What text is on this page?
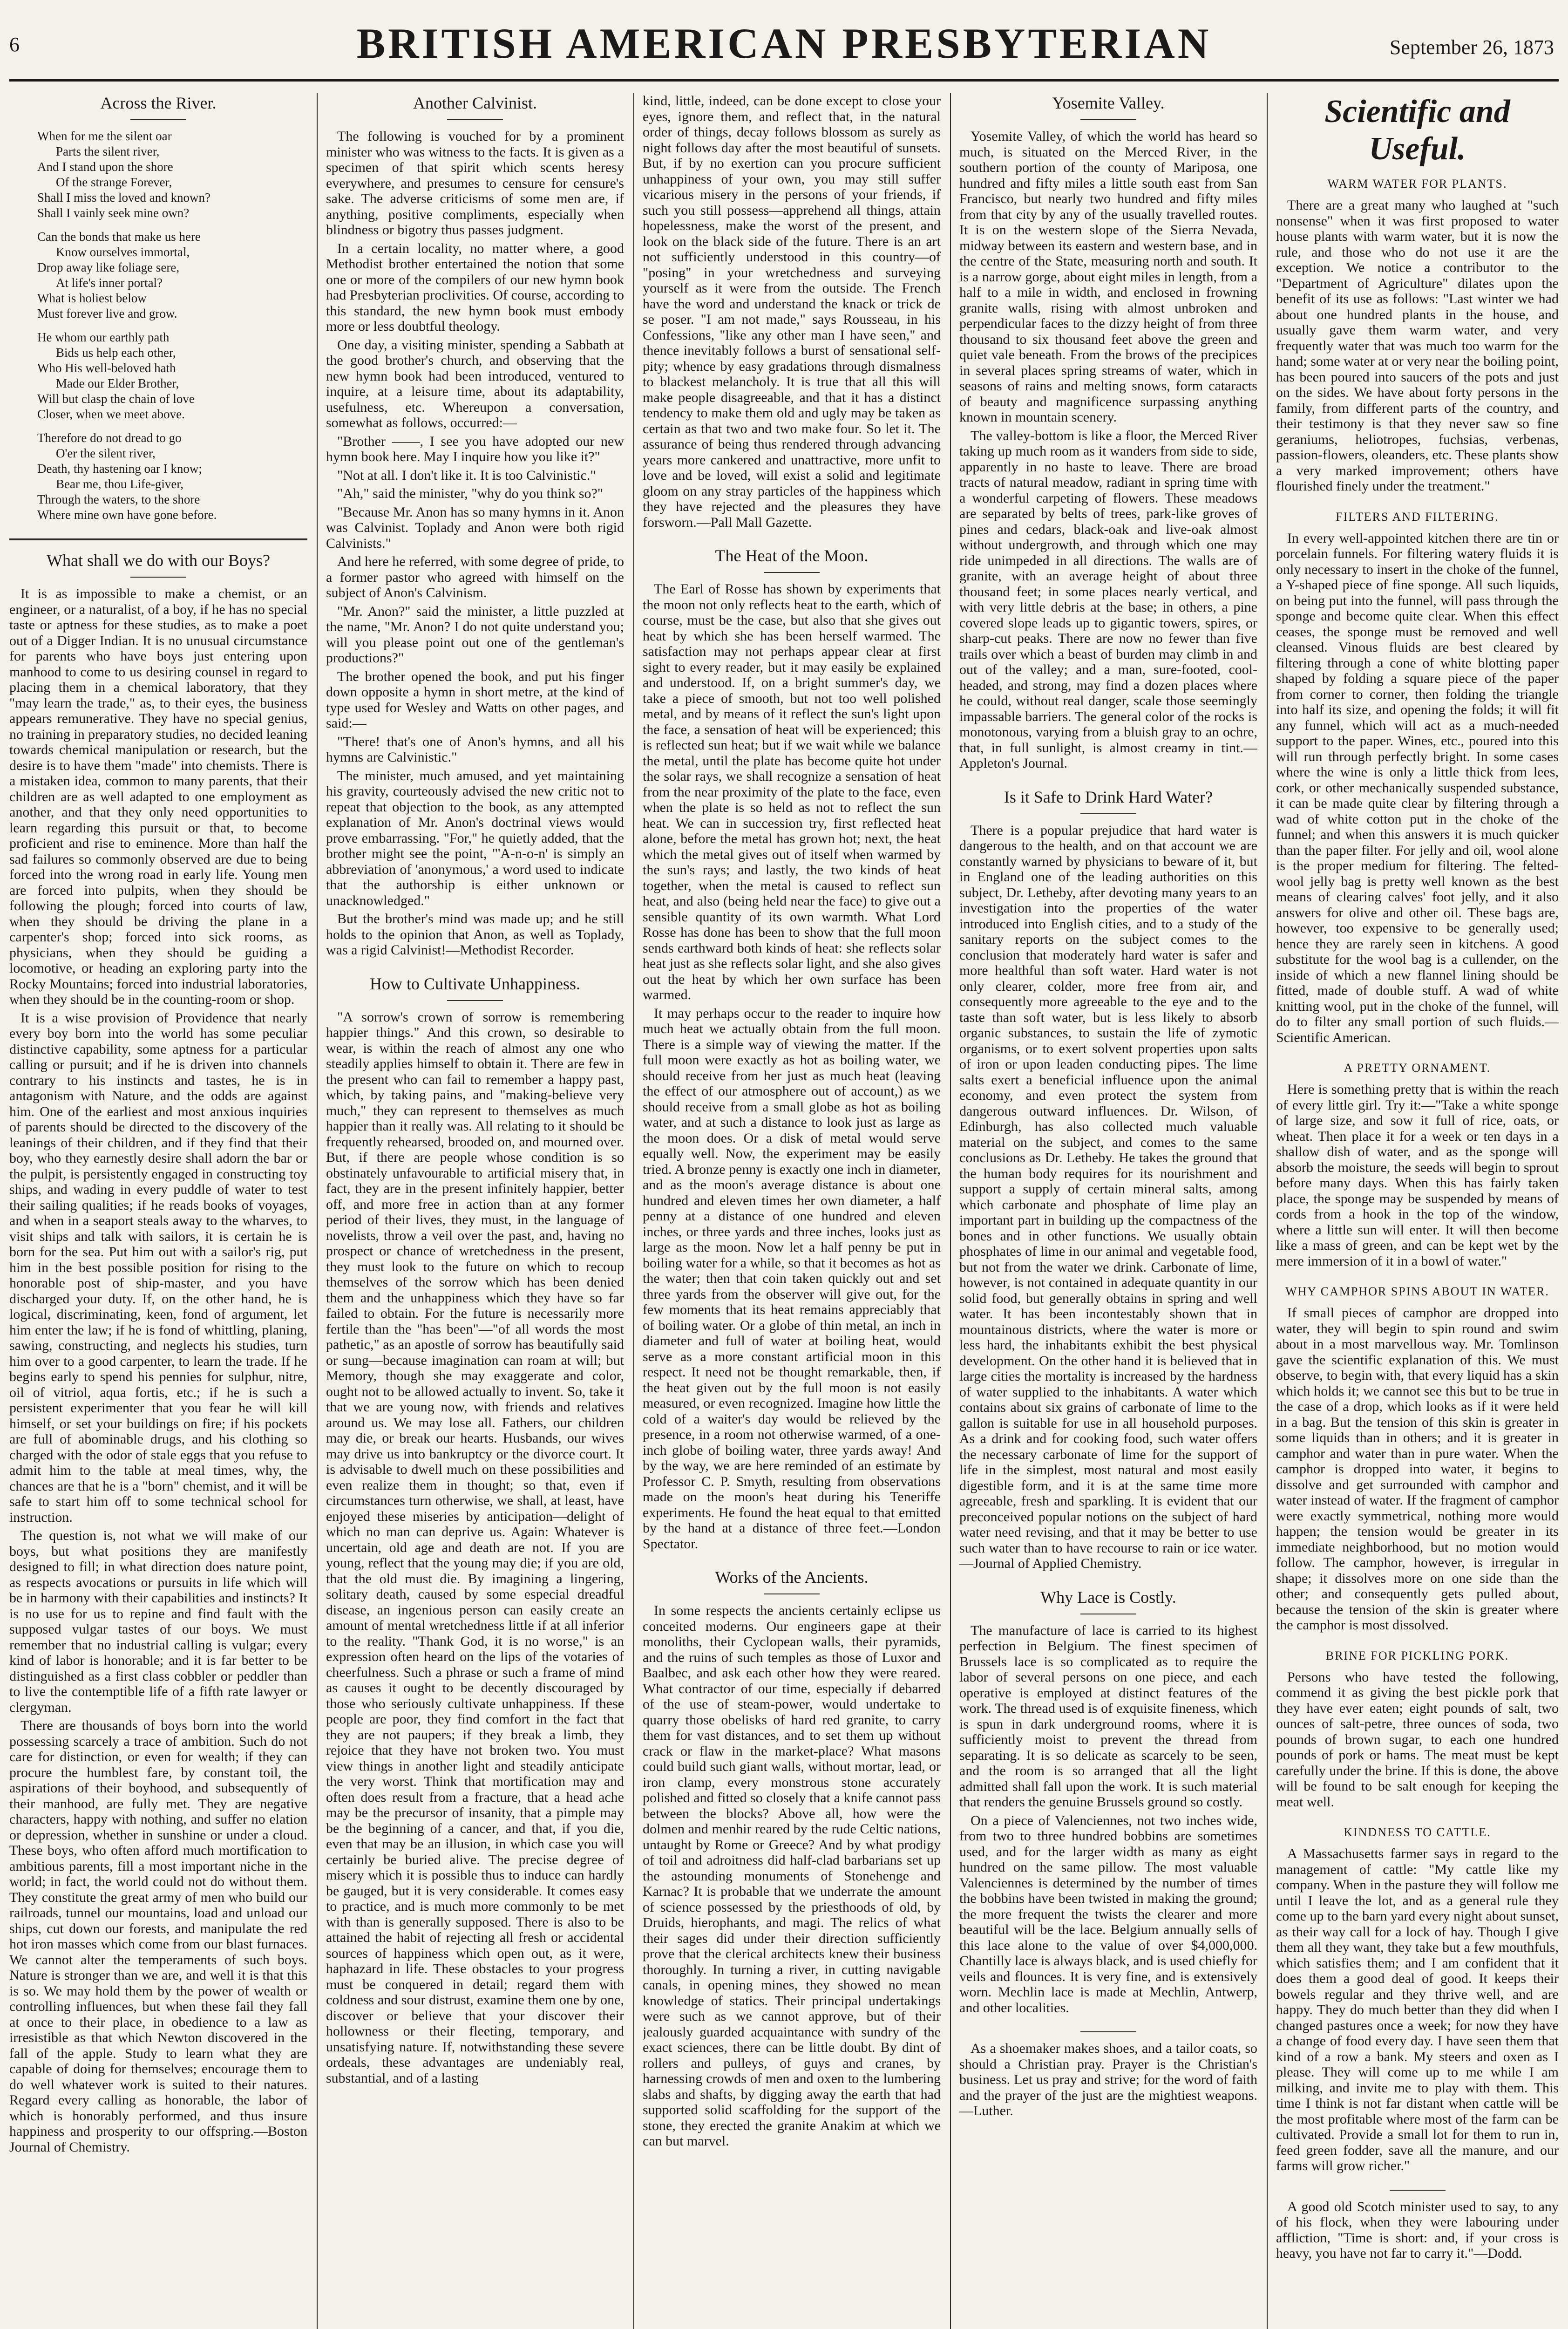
6	BRITISH AMERICAN PRESBYTERIAN	September 26, 1873
Across the River.
When for me the silent oar
Parts the silent river,
And I stand upon the shore
Of the strange Forever,
Shall I miss the loved and known?
Shall I vainly seek mine own?
Can the bonds that make us here
Know ourselves immortal,
Drop away like foliage sere,
At life's inner portal?
What is holiest below
Must forever live and grow.
He whom our earthly path
Bids us help each other,
Who His well-beloved hath
Made our Elder Brother,
Will but clasp the chain of love
Closer, when we meet above.
Therefore do not dread to go
O'er the silent river,
Death, thy hastening oar I know;
Bear me, thou Life-giver,
Through the waters, to the shore
Where mine own have gone before.
What shall we do with our Boys?

It is as impossible to make a chemist, or an engineer, or a naturalist, of a boy, if he has no special taste or aptness for these studies, as to make a poet out of a Digger Indian. It is no unusual circumstance for parents who have boys just entering upon manhood to come to us desiring counsel in regard to placing them in a chemical laboratory, that they "may learn the trade," as, to their eyes, the business appears remunerative. They have no special genius, no training in preparatory studies, no decided leaning towards chemical manipulation or research, but the desire is to have them "made" into chemists. There is a mistaken idea, common to many parents, that their children are as well adapted to one employment as another, and that they only need opportunities to learn regarding this pursuit or that, to become proficient and rise to eminence. More than half the sad failures so commonly observed are due to being forced into the wrong road in early life. Young men are forced into pulpits, when they should be following the plough; forced into courts of law, when they should be driving the plane in a carpenter's shop; forced into sick rooms, as physicians, when they should be guiding a locomotive, or heading an exploring party into the Rocky Mountains; forced into industrial laboratories, when they should be in the counting-room or shop.

It is a wise provision of Providence that nearly every boy born into the world has some peculiar distinctive capability, some aptness for a particular calling or pursuit; and if he is driven into channels contrary to his instincts and tastes, he is in antagonism with Nature, and the odds are against him. One of the earliest and most anxious inquiries of parents should be directed to the discovery of the leanings of their children, and if they find that their boy, who they earnestly desire shall adorn the bar or the pulpit, is persistently engaged in constructing toy ships, and wading in every puddle of water to test their sailing qualities; if he reads books of voyages, and when in a seaport steals away to the wharves, to visit ships and talk with sailors, it is certain he is born for the sea. Put him out with a sailor's rig, put him in the best possible position for rising to the honorable post of ship-master, and you have discharged your duty. If, on the other hand, he is logical, discriminating, keen, fond of argument, let him enter the law; if he is fond of whittling, planing, sawing, constructing, and neglects his studies, turn him over to a good carpenter, to learn the trade. If he begins early to spend his pennies for sulphur, nitre, oil of vitriol, aqua fortis, etc.; if he is such a persistent experimenter that you fear he will kill himself, or set your buildings on fire; if his pockets are full of abominable drugs, and his clothing so charged with the odor of stale eggs that you refuse to admit him to the table at meal times, why, the chances are that he is a "born" chemist, and it will be safe to start him off to some technical school for instruction.

The question is, not what we will make of our boys, but what positions they are manifestly designed to fill; in what direction does nature point, as respects avocations or pursuits in life which will be in harmony with their capabilities and instincts? It is no use for us to repine and find fault with the supposed vulgar tastes of our boys. We must remember that no industrial calling is vulgar; every kind of labor is honorable; and it is far better to be distinguished as a first class cobbler or peddler than to live the contemptible life of a fifth rate lawyer or clergyman.

There are thousands of boys born into the world possessing scarcely a trace of ambition. Such do not care for distinction, or even for wealth; if they can procure the humblest fare, by constant toil, the aspirations of their boyhood, and subsequently of their manhood, are fully met. They are negative characters, happy with nothing, and suffer no elation or depression, whether in sunshine or under a cloud. These boys, who often afford much mortification to ambitious parents, fill a most important niche in the world; in fact, the world could not do without them. They constitute the great army of men who build our railroads, tunnel our mountains, load and unload our ships, cut down our forests, and manipulate the red hot iron masses which come from our blast furnaces. We cannot alter the temperaments of such boys. Nature is stronger than we are, and well it is that this is so. We may hold them by the power of wealth or controlling influences, but when these fail they fall at once to their place, in obedience to a law as irresistible as that which Newton discovered in the fall of the apple. Study to learn what they are capable of doing for themselves; encourage them to do well whatever work is suited to their natures. Regard every calling as honorable, the labor of which is honorably performed, and thus insure happiness and prosperity to our offspring.—Boston Journal of Chemistry.

Another Calvinist.

The following is vouched for by a prominent minister who was witness to the facts. It is given as a specimen of that spirit which scents heresy everywhere, and presumes to censure for censure's sake. The adverse criticisms of some men are, if anything, positive compliments, especially when blindness or bigotry thus passes judgment.

In a certain locality, no matter where, a good Methodist brother entertained the notion that some one or more of the compilers of our new hymn book had Presbyterian proclivities. Of course, according to this standard, the new hymn book must embody more or less doubtful theology.

One day, a visiting minister, spending a Sabbath at the good brother's church, and observing that the new hymn book had been introduced, ventured to inquire, at a leisure time, about its adaptability, usefulness, etc. Whereupon a conversation, somewhat as follows, occurred:—

"Brother ——, I see you have adopted our new hymn book here. May I inquire how you like it?"

"Not at all. I don't like it. It is too Calvinistic."

"Ah," said the minister, "why do you think so?"

"Because Mr. Anon has so many hymns in it. Anon was Calvinist. Toplady and Anon were both rigid Calvinists."

And here he referred, with some degree of pride, to a former pastor who agreed with himself on the subject of Anon's Calvinism.

"Mr. Anon?" said the minister, a little puzzled at the name, "Mr. Anon? I do not quite understand you; will you please point out one of the gentleman's productions?"

The brother opened the book, and put his finger down opposite a hymn in short metre, at the kind of type used for Wesley and Watts on other pages, and said:—

"There! that's one of Anon's hymns, and all his hymns are Calvinistic."

The minister, much amused, and yet maintaining his gravity, courteously advised the new critic not to repeat that objection to the book, as any attempted explanation of Mr. Anon's doctrinal views would prove embarrassing. "For," he quietly added, that the brother might see the point, "'A-n-o-n' is simply an abbreviation of 'anonymous,' a word used to indicate that the authorship is either unknown or unacknowledged."

But the brother's mind was made up; and he still holds to the opinion that Anon, as well as Toplady, was a rigid Calvinist!—Methodist Recorder.

How to Cultivate Unhappiness.

"A sorrow's crown of sorrow is remembering happier things." And this crown, so desirable to wear, is within the reach of almost any one who steadily applies himself to obtain it. There are few in the present who can fail to remember a happy past, which, by taking pains, and "making-believe very much," they can represent to themselves as much happier than it really was. All relating to it should be frequently rehearsed, brooded on, and mourned over. But, if there are people whose condition is so obstinately unfavourable to artificial misery that, in fact, they are in the present infinitely happier, better off, and more free in action than at any former period of their lives, they must, in the language of novelists, throw a veil over the past, and, having no prospect or chance of wretchedness in the present, they must look to the future on which to recoup themselves of the sorrow which has been denied them and the unhappiness which they have so far failed to obtain. For the future is necessarily more fertile than the "has been"—"of all words the most pathetic," as an apostle of sorrow has beautifully said or sung—because imagination can roam at will; but Memory, though she may exaggerate and color, ought not to be allowed actually to invent. So, take it that we are young now, with friends and relatives around us. We may lose all. Fathers, our children may die, or break our hearts. Husbands, our wives may drive us into bankruptcy or the divorce court. It is advisable to dwell much on these possibilities and even realize them in thought; so that, even if circumstances turn otherwise, we shall, at least, have enjoyed these miseries by anticipation—delight of which no man can deprive us. Again: Whatever is uncertain, old age and death are not. If you are young, reflect that the young may die; if you are old, that the old must die. By imagining a lingering, solitary death, caused by some especial dreadful disease, an ingenious person can easily create an amount of mental wretchedness little if at all inferior to the reality. "Thank God, it is no worse," is an expression often heard on the lips of the votaries of cheerfulness. Such a phrase or such a frame of mind as causes it ought to be decently discouraged by those who seriously cultivate unhappiness. If these people are poor, they find comfort in the fact that they are not paupers; if they break a limb, they rejoice that they have not broken two. You must view things in another light and steadily anticipate the very worst. Think that mortification may and often does result from a fracture, that a head ache may be the precursor of insanity, that a pimple may be the beginning of a cancer, and that, if you die, even that may be an illusion, in which case you will certainly be buried alive. The precise degree of misery which it is possible thus to induce can hardly be gauged, but it is very considerable. It comes easy to practice, and is much more commonly to be met with than is generally supposed. There is also to be attained the habit of rejecting all fresh or accidental sources of happiness which open out, as it were, haphazard in life. These obstacles to your progress must be conquered in detail; regard them with coldness and sour distrust, examine them one by one, discover or believe that your discover their hollowness or their fleeting, temporary, and unsatisfying nature. If, notwithstanding these severe ordeals, these advantages are undeniably real, substantial, and of a lasting

kind, little, indeed, can be done except to close your eyes, ignore them, and reflect that, in the natural order of things, decay follows blossom as surely as night follows day after the most beautiful of sunsets. But, if by no exertion can you procure sufficient unhappiness of your own, you may still suffer vicarious misery in the persons of your friends, if such you still possess—apprehend all things, attain hopelessness, make the worst of the present, and look on the black side of the future. There is an art not sufficiently understood in this country—of "posing" in your wretchedness and surveying yourself as it were from the outside. The French have the word and understand the knack or trick de se poser. "I am not made," says Rousseau, in his Confessions, "like any other man I have seen," and thence inevitably follows a burst of sensational self-pity; whence by easy gradations through dismalness to blackest melancholy. It is true that all this will make people disagreeable, and that it has a distinct tendency to make them old and ugly may be taken as certain as that two and two make four. So let it. The assurance of being thus rendered through advancing years more cankered and unattractive, more unfit to love and be loved, will exist a solid and legitimate gloom on any stray particles of the happiness which they have rejected and the pleasures they have forsworn.—Pall Mall Gazette.

The Heat of the Moon.

The Earl of Rosse has shown by experiments that the moon not only reflects heat to the earth, which of course, must be the case, but also that she gives out heat by which she has been herself warmed. The satisfaction may not perhaps appear clear at first sight to every reader, but it may easily be explained and understood. If, on a bright summer's day, we take a piece of smooth, but not too well polished metal, and by means of it reflect the sun's light upon the face, a sensation of heat will be experienced; this is reflected sun heat; but if we wait while we balance the metal, until the plate has become quite hot under the solar rays, we shall recognize a sensation of heat from the near proximity of the plate to the face, even when the plate is so held as not to reflect the sun heat. We can in succession try, first reflected heat alone, before the metal has grown hot; next, the heat which the metal gives out of itself when warmed by the sun's rays; and lastly, the two kinds of heat together, when the metal is caused to reflect sun heat, and also (being held near the face) to give out a sensible quantity of its own warmth. What Lord Rosse has done has been to show that the full moon sends earthward both kinds of heat: she reflects solar heat just as she reflects solar light, and she also gives out the heat by which her own surface has been warmed.

It may perhaps occur to the reader to inquire how much heat we actually obtain from the full moon. There is a simple way of viewing the matter. If the full moon were exactly as hot as boiling water, we should receive from her just as much heat (leaving the effect of our atmosphere out of account,) as we should receive from a small globe as hot as boiling water, and at such a distance to look just as large as the moon does. Or a disk of metal would serve equally well. Now, the experiment may be easily tried. A bronze penny is exactly one inch in diameter, and as the moon's average distance is about one hundred and eleven times her own diameter, a half penny at a distance of one hundred and eleven inches, or three yards and three inches, looks just as large as the moon. Now let a half penny be put in boiling water for a while, so that it becomes as hot as the water; then that coin taken quickly out and set three yards from the observer will give out, for the few moments that its heat remains appreciably that of boiling water. Or a globe of thin metal, an inch in diameter and full of water at boiling heat, would serve as a more constant artificial moon in this respect. It need not be thought remarkable, then, if the heat given out by the full moon is not easily measured, or even recognized. Imagine how little the cold of a waiter's day would be relieved by the presence, in a room not otherwise warmed, of a one-inch globe of boiling water, three yards away! And by the way, we are here reminded of an estimate by Professor C. P. Smyth, resulting from observations made on the moon's heat during his Teneriffe experiments. He found the heat equal to that emitted by the hand at a distance of three feet.—London Spectator.

Works of the Ancients.

In some respects the ancients certainly eclipse us conceited moderns. Our engineers gape at their monoliths, their Cyclopean walls, their pyramids, and the ruins of such temples as those of Luxor and Baalbec, and ask each other how they were reared. What contractor of our time, especially if debarred of the use of steam-power, would undertake to quarry those obelisks of hard red granite, to carry them for vast distances, and to set them up without crack or flaw in the market-place? What masons could build such giant walls, without mortar, lead, or iron clamp, every monstrous stone accurately polished and fitted so closely that a knife cannot pass between the blocks? Above all, how were the dolmen and menhir reared by the rude Celtic nations, untaught by Rome or Greece? And by what prodigy of toil and adroitness did half-clad barbarians set up the astounding monuments of Stonehenge and Karnac? It is probable that we underrate the amount of science possessed by the priesthoods of old, by Druids, hierophants, and magi. The relics of what their sages did under their direction sufficiently prove that the clerical architects knew their business thoroughly. In turning a river, in cutting navigable canals, in opening mines, they showed no mean knowledge of statics. Their principal undertakings were such as we cannot approve, but of their jealously guarded acquaintance with sundry of the exact sciences, there can be little doubt. By dint of rollers and pulleys, of guys and cranes, by harnessing crowds of men and oxen to the lumbering slabs and shafts, by digging away the earth that had supported solid scaffolding for the support of the stone, they erected the granite Anakim at which we can but marvel.

Yosemite Valley.

Yosemite Valley, of which the world has heard so much, is situated on the Merced River, in the southern portion of the county of Mariposa, one hundred and fifty miles a little south east from San Francisco, but nearly two hundred and fifty miles from that city by any of the usually travelled routes. It is on the western slope of the Sierra Nevada, midway between its eastern and western base, and in the centre of the State, measuring north and south. It is a narrow gorge, about eight miles in length, from a half to a mile in width, and enclosed in frowning granite walls, rising with almost unbroken and perpendicular faces to the dizzy height of from three thousand to six thousand feet above the green and quiet vale beneath. From the brows of the precipices in several places spring streams of water, which in seasons of rains and melting snows, form cataracts of beauty and magnificence surpassing anything known in mountain scenery.

The valley-bottom is like a floor, the Merced River taking up much room as it wanders from side to side, apparently in no haste to leave. There are broad tracts of natural meadow, radiant in spring time with a wonderful carpeting of flowers. These meadows are separated by belts of trees, park-like groves of pines and cedars, black-oak and live-oak almost without undergrowth, and through which one may ride unimpeded in all directions. The walls are of granite, with an average height of about three thousand feet; in some places nearly vertical, and with very little debris at the base; in others, a pine covered slope leads up to gigantic towers, spires, or sharp-cut peaks. There are now no fewer than five trails over which a beast of burden may climb in and out of the valley; and a man, sure-footed, cool-headed, and strong, may find a dozen places where he could, without real danger, scale those seemingly impassable barriers. The general color of the rocks is monotonous, varying from a bluish gray to an ochre, that, in full sunlight, is almost creamy in tint.—Appleton's Journal.

Is it Safe to Drink Hard Water?

There is a popular prejudice that hard water is dangerous to the health, and on that account we are constantly warned by physicians to beware of it, but in England one of the leading authorities on this subject, Dr. Letheby, after devoting many years to an investigation into the properties of the water introduced into English cities, and to a study of the sanitary reports on the subject comes to the conclusion that moderately hard water is safer and more healthful than soft water. Hard water is not only clearer, colder, more free from air, and consequently more agreeable to the eye and to the taste than soft water, but is less likely to absorb organic substances, to sustain the life of zymotic organisms, or to exert solvent properties upon salts of iron or upon leaden conducting pipes. The lime salts exert a beneficial influence upon the animal economy, and even protect the system from dangerous outward influences. Dr. Wilson, of Edinburgh, has also collected much valuable material on the subject, and comes to the same conclusions as Dr. Letheby. He takes the ground that the human body requires for its nourishment and support a supply of certain mineral salts, among which carbonate and phosphate of lime play an important part in building up the compactness of the bones and in other functions. We usually obtain phosphates of lime in our animal and vegetable food, but not from the water we drink. Carbonate of lime, however, is not contained in adequate quantity in our solid food, but generally obtains in spring and well water. It has been incontestably shown that in mountainous districts, where the water is more or less hard, the inhabitants exhibit the best physical development. On the other hand it is believed that in large cities the mortality is increased by the hardness of water supplied to the inhabitants. A water which contains about six grains of carbonate of lime to the gallon is suitable for use in all household purposes. As a drink and for cooking food, such water offers the necessary carbonate of lime for the support of life in the simplest, most natural and most easily digestible form, and it is at the same time more agreeable, fresh and sparkling. It is evident that our preconceived popular notions on the subject of hard water need revising, and that it may be better to use such water than to have recourse to rain or ice water.—Journal of Applied Chemistry.

Why Lace is Costly.

The manufacture of lace is carried to its highest perfection in Belgium. The finest specimen of Brussels lace is so complicated as to require the labor of several persons on one piece, and each operative is employed at distinct features of the work. The thread used is of exquisite fineness, which is spun in dark underground rooms, where it is sufficiently moist to prevent the thread from separating. It is so delicate as scarcely to be seen, and the room is so arranged that all the light admitted shall fall upon the work. It is such material that renders the genuine Brussels ground so costly.

On a piece of Valenciennes, not two inches wide, from two to three hundred bobbins are sometimes used, and for the larger width as many as eight hundred on the same pillow. The most valuable Valenciennes is determined by the number of times the bobbins have been twisted in making the ground; the more frequent the twists the clearer and more beautiful will be the lace. Belgium annually sells of this lace alone to the value of over $4,000,000. Chantilly lace is always black, and is used chiefly for veils and flounces. It is very fine, and is extensively worn. Mechlin lace is made at Mechlin, Antwerp, and other localities.

As a shoemaker makes shoes, and a tailor coats, so should a Christian pray. Prayer is the Christian's business. Let us pray and strive; for the word of faith and the prayer of the just are the mightiest weapons.—Luther.

Scientific and Useful.
WARM WATER FOR PLANTS.

There are a great many who laughed at "such nonsense" when it was first proposed to water house plants with warm water, but it is now the rule, and those who do not use it are the exception. We notice a contributor to the "Department of Agriculture" dilates upon the benefit of its use as follows: "Last winter we had about one hundred plants in the house, and usually gave them warm water, and very frequently water that was much too warm for the hand; some water at or very near the boiling point, has been poured into saucers of the pots and just on the sides. We have about forty persons in the family, from different parts of the country, and their testimony is that they never saw so fine geraniums, heliotropes, fuchsias, verbenas, passion-flowers, oleanders, etc. These plants show a very marked improvement; others have flourished finely under the treatment."

FILTERS AND FILTERING.

In every well-appointed kitchen there are tin or porcelain funnels. For filtering watery fluids it is only necessary to insert in the choke of the funnel, a Y-shaped piece of fine sponge. All such liquids, on being put into the funnel, will pass through the sponge and become quite clear. When this effect ceases, the sponge must be removed and well cleansed. Vinous fluids are best cleared by filtering through a cone of white blotting paper shaped by folding a square piece of the paper from corner to corner, then folding the triangle into half its size, and opening the folds; it will fit any funnel, which will act as a much-needed support to the paper. Wines, etc., poured into this will run through perfectly bright. In some cases where the wine is only a little thick from lees, cork, or other mechanically suspended substance, it can be made quite clear by filtering through a wad of white cotton put in the choke of the funnel; and when this answers it is much quicker than the paper filter. For jelly and oil, wool alone is the proper medium for filtering. The felted-wool jelly bag is pretty well known as the best means of clearing calves' foot jelly, and it also answers for olive and other oil. These bags are, however, too expensive to be generally used; hence they are rarely seen in kitchens. A good substitute for the wool bag is a cullender, on the inside of which a new flannel lining should be fitted, made of double stuff. A wad of white knitting wool, put in the choke of the funnel, will do to filter any small portion of such fluids.—Scientific American.

A PRETTY ORNAMENT.

Here is something pretty that is within the reach of every little girl. Try it:—"Take a white sponge of large size, and sow it full of rice, oats, or wheat. Then place it for a week or ten days in a shallow dish of water, and as the sponge will absorb the moisture, the seeds will begin to sprout before many days. When this has fairly taken place, the sponge may be suspended by means of cords from a hook in the top of the window, where a little sun will enter. It will then become like a mass of green, and can be kept wet by the mere immersion of it in a bowl of water."

WHY CAMPHOR SPINS ABOUT IN WATER.

If small pieces of camphor are dropped into water, they will begin to spin round and swim about in a most marvellous way. Mr. Tomlinson gave the scientific explanation of this. We must observe, to begin with, that every liquid has a skin which holds it; we cannot see this but to be true in the case of a drop, which looks as if it were held in a bag. But the tension of this skin is greater in some liquids than in others; and it is greater in camphor and water than in pure water. When the camphor is dropped into water, it begins to dissolve and get surrounded with camphor and water instead of water. If the fragment of camphor were exactly symmetrical, nothing more would happen; the tension would be greater in its immediate neighborhood, but no motion would follow. The camphor, however, is irregular in shape; it dissolves more on one side than the other; and consequently gets pulled about, because the tension of the skin is greater where the camphor is most dissolved.

BRINE FOR PICKLING PORK.

Persons who have tested the following, commend it as giving the best pickle pork that they have ever eaten; eight pounds of salt, two ounces of salt-petre, three ounces of soda, two pounds of brown sugar, to each one hundred pounds of pork or hams. The meat must be kept carefully under the brine. If this is done, the above will be found to be salt enough for keeping the meat well.

KINDNESS TO CATTLE.

A Massachusetts farmer says in regard to the management of cattle: "My cattle like my company. When in the pasture they will follow me until I leave the lot, and as a general rule they come up to the barn yard every night about sunset, as their way call for a lock of hay. Though I give them all they want, they take but a few mouthfuls, which satisfies them; and I am confident that it does them a good deal of good. It keeps their bowels regular and they thrive well, and are happy. They do much better than they did when I changed pastures once a week; for now they have a change of food every day. I have seen them that kind of a row a bank. My steers and oxen as I please. They will come up to me while I am milking, and invite me to play with them. This time I think is not far distant when cattle will be the most profitable where most of the farm can be cultivated. Provide a small lot for them to run in, feed green fodder, save all the manure, and our farms will grow richer."

A good old Scotch minister used to say, to any of his flock, when they were labouring under affliction, "Time is short: and, if your cross is heavy, you have not far to carry it."—Dodd.
